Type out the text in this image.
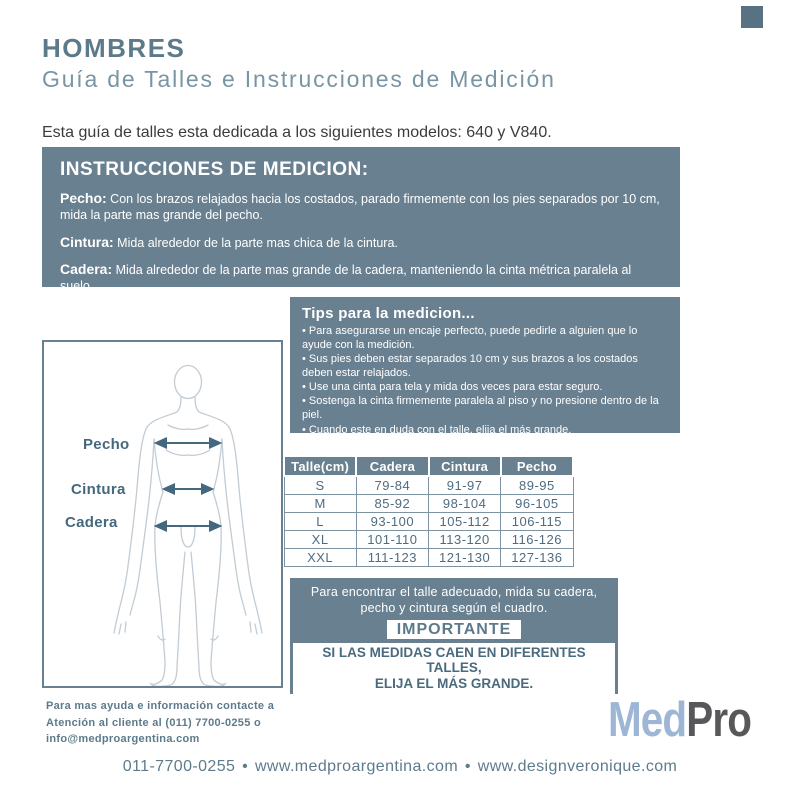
HOMBRES
Guía de Talles e Instrucciones de Medición

Esta guía de talles esta dedicada a los siguientes modelos: 640 y V840.

INSTRUCCIONES DE MEDICION:

Pecho: Con los brazos relajados hacia los costados, parado firmemente con los pies separados por 10 cm, mida la parte mas grande del pecho.

Cintura: Mida alrededor de la parte mas chica de la cintura.

Cadera: Mida alrededor de la parte mas grande de la cadera, manteniendo la cinta métrica paralela al suelo.

Pecho
Cintura
Cadera
Tips para la medicion...
• Para asegurarse un encaje perfecto, puede pedirle a alguien que lo ayude con la medición.
• Sus pies deben estar separados 10 cm y sus brazos a los costados deben estar relajados.
• Use una cinta para tela y mida dos veces para estar seguro.
• Sostenga la cinta firmemente paralela al piso y no presione dentro de la piel.
• Cuando este en duda con el talle, elija el más grande.
Talle(cm)	Cadera	Cintura	Pecho
S	79-84	91-97	89-95
M	85-92	98-104	96-105
L	93-100	105-112	106-115
XL	101-110	113-120	116-126
XXL	111-123	121-130	127-136

Para encontrar el talle adecuado, mida su cadera, pecho y cintura según el cuadro.

IMPORTANTE
SI LAS MEDIDAS CAEN EN DIFERENTES TALLES,
ELIJA EL MÁS GRANDE.
Ej: caderas M (92cm), cintura L (105cm). ELIJA L.
Para mas ayuda e información contacte a
Atención al cliente al (011) 7700-0255 o
info@medproargentina.com	MedPro
011-7700-0255 • www.medproargentina.com • www.designveronique.com
